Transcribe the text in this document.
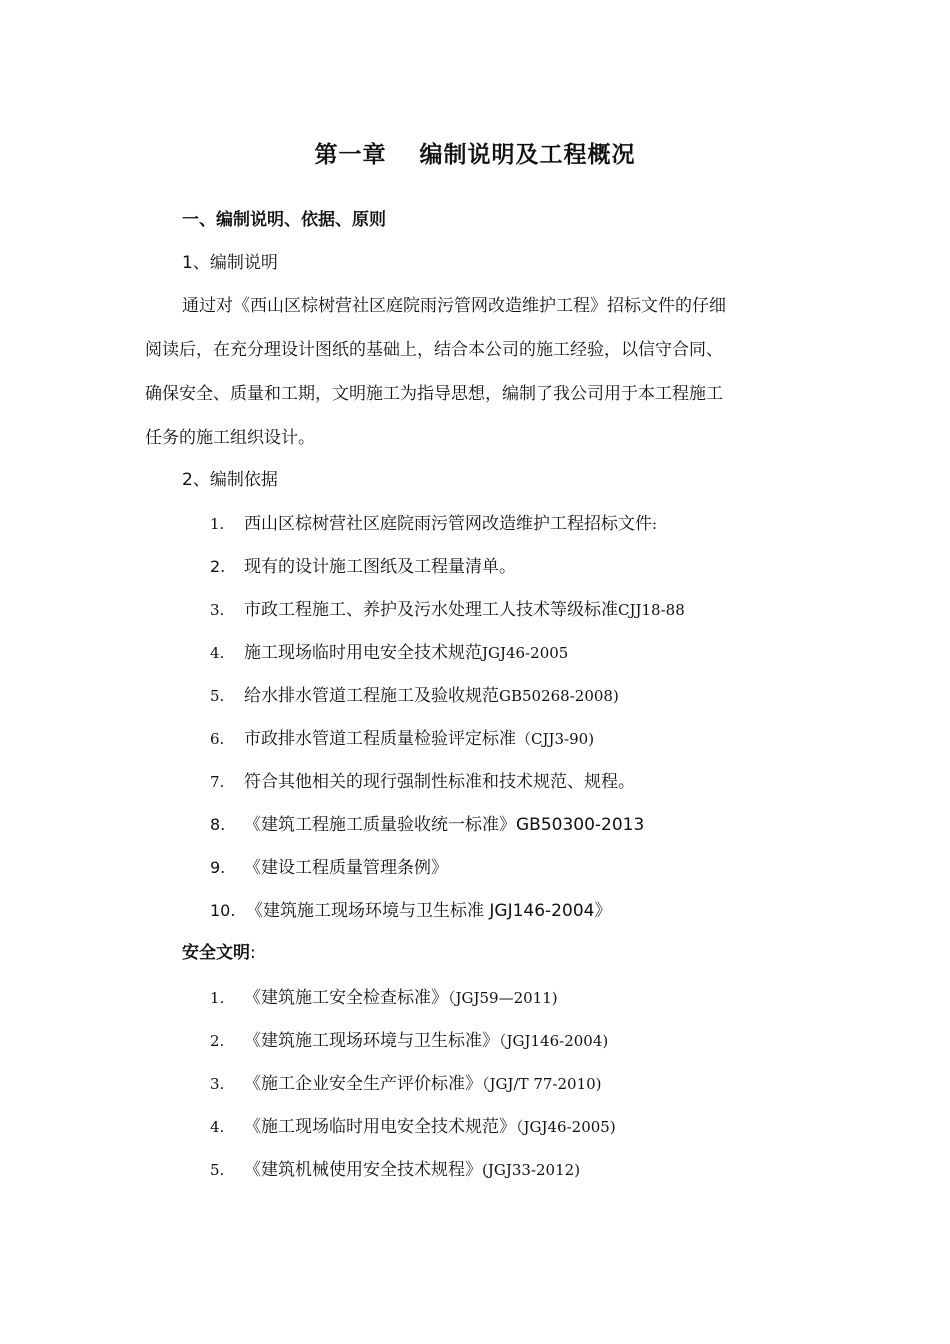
第一章　 编制说明及工程概况
一、编制说明、依据、原则
1、编制说明
通过对《西山区棕树营社区庭院雨污管网改造维护工程》招标文件的仔细
阅读后，在充分理设计图纸的基础上，结合本公司的施工经验，以信守合同、
确保安全、质量和工期，文明施工为指导思想，编制了我公司用于本工程施工
任务的施工组织设计。
2、编制依据
1. 西山区棕树营社区庭院雨污管网改造维护工程招标文件:
2. 现有的设计施工图纸及工程量清单。
3. 市政工程施工、养护及污水处理工人技术等级标准CJJ18-88
4. 施工现场临时用电安全技术规范JGJ46-2005
5. 给水排水管道工程施工及验收规范GB50268-2008)
6. 市政排水管道工程质量检验评定标准（CJJ3-90)
7. 符合其他相关的现行强制性标准和技术规范、规程。
8. 《建筑工程施工质量验收统一标准》GB50300-2013
9. 《建设工程质量管理条例》
10. 《建筑施工现场环境与卫生标准 JGJ146-2004》
安全文明:
1. 《建筑施工安全检查标准》（JGJ59—2011)
2. 《建筑施工现场环境与卫生标准》（JGJ146-2004)
3. 《施工企业安全生产评价标准》（JGJ/T 77-2010)
4. 《施工现场临时用电安全技术规范》（JGJ46-2005)
5. 《建筑机械使用安全技术规程》(JGJ33-2012)
